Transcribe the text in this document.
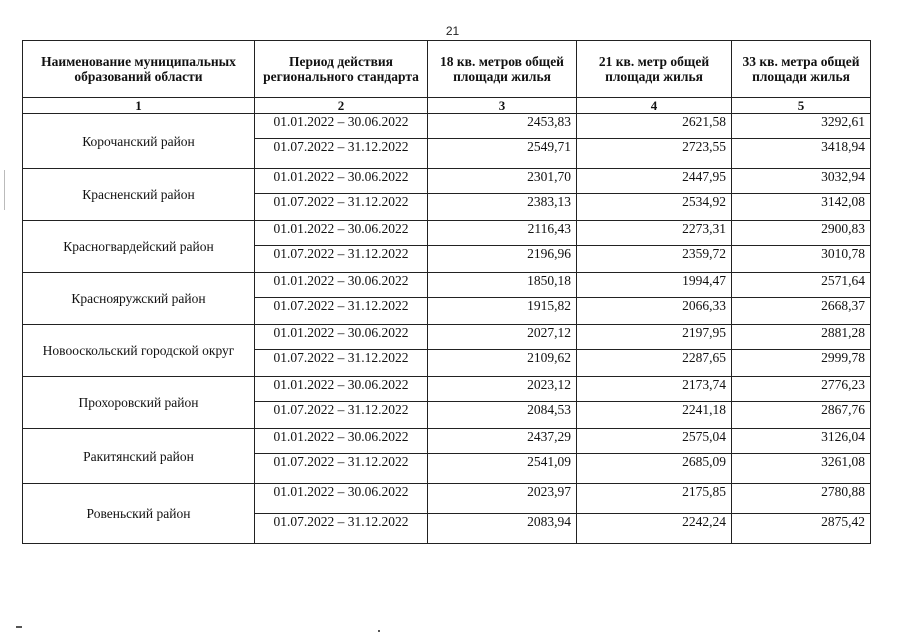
21
Наименование муниципальных образований области	Период действия регионального стандарта	18 кв. метров общей площади жилья	21 кв. метр общей площади жилья	33 кв. метра общей площади жилья
1	2	3	4	5
Корочанский район	01.01.2022 – 30.06.2022	2453,83	2621,58	3292,61
	01.07.2022 – 31.12.2022	2549,71	2723,55	3418,94
Красненский район	01.01.2022 – 30.06.2022	2301,70	2447,95	3032,94
	01.07.2022 – 31.12.2022	2383,13	2534,92	3142,08
Красногвардейский район	01.01.2022 – 30.06.2022	2116,43	2273,31	2900,83
	01.07.2022 – 31.12.2022	2196,96	2359,72	3010,78
Краснояружский район	01.01.2022 – 30.06.2022	1850,18	1994,47	2571,64
	01.07.2022 – 31.12.2022	1915,82	2066,33	2668,37
Новооскольский городской округ	01.01.2022 – 30.06.2022	2027,12	2197,95	2881,28
	01.07.2022 – 31.12.2022	2109,62	2287,65	2999,78
Прохоровский район	01.01.2022 – 30.06.2022	2023,12	2173,74	2776,23
	01.07.2022 – 31.12.2022	2084,53	2241,18	2867,76
Ракитянский район	01.01.2022 – 30.06.2022	2437,29	2575,04	3126,04
	01.07.2022 – 31.12.2022	2541,09	2685,09	3261,08
Ровеньский район	01.01.2022 – 30.06.2022	2023,97	2175,85	2780,88
	01.07.2022 – 31.12.2022	2083,94	2242,24	2875,42
